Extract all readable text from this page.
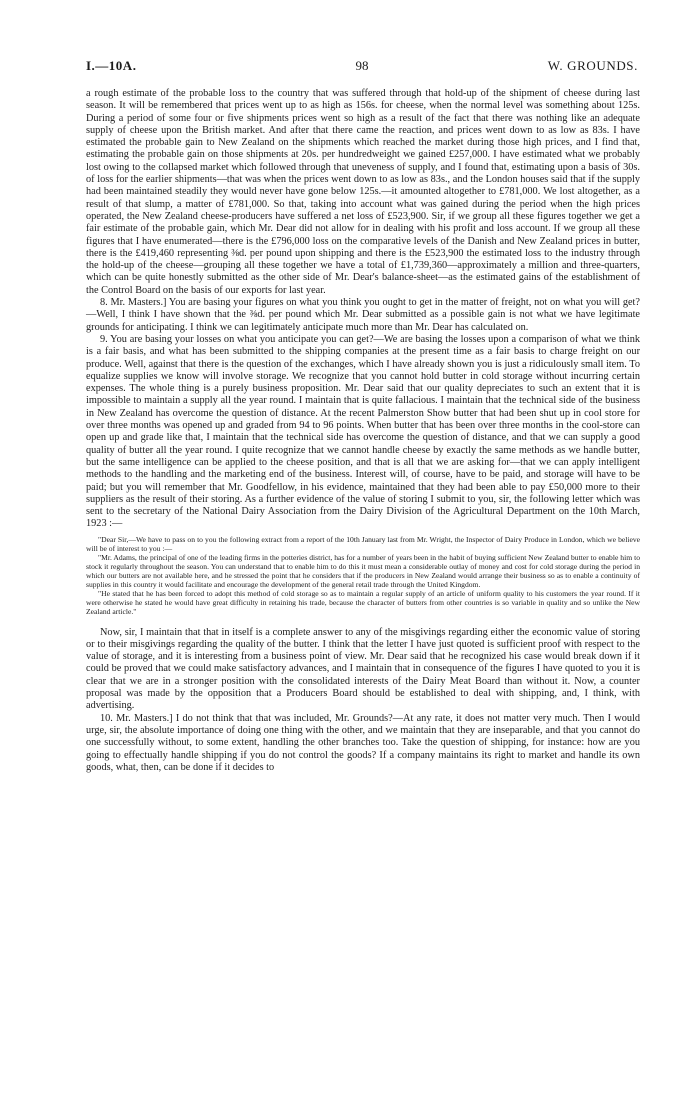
I.—10A.	98	W. GROUNDS.

a rough estimate of the probable loss to the country that was suffered through that hold-up of the shipment of cheese during last season. It will be remembered that prices went up to as high as 156s. for cheese, when the normal level was something about 125s. During a period of some four or five shipments prices went so high as a result of the fact that there was nothing like an adequate supply of cheese upon the British market. And after that there came the reaction, and prices went down to as low as 83s. I have estimated the probable gain to New Zealand on the shipments which reached the market during those high prices, and I find that, estimating the probable gain on those shipments at 20s. per hundredweight we gained £257,000. I have estimated what we probably lost owing to the collapsed market which followed through that uneveness of supply, and I found that, estimating upon a basis of 30s. of loss for the earlier shipments—that was when the prices went down to as low as 83s., and the London houses said that if the supply had been maintained steadily they would never have gone below 125s.—it amounted altogether to £781,000. We lost altogether, as a result of that slump, a matter of £781,000. So that, taking into account what was gained during the period when the high prices operated, the New Zealand cheese-producers have suffered a net loss of £523,900. Sir, if we group all these figures together we get a fair estimate of the probable gain, which Mr. Dear did not allow for in dealing with his profit and loss account. If we group all these figures that I have enumerated—there is the £796,000 loss on the comparative levels of the Danish and New Zealand prices in butter, there is the £419,460 representing ⅜d. per pound upon shipping and there is the £523,900 the estimated loss to the industry through the hold-up of the cheese—grouping all these together we have a total of £1,739,360—approximately a million and three-quarters, which can be quite honestly submitted as the other side of Mr. Dear's balance-sheet—as the estimated gains of the establishment of the Control Board on the basis of our exports for last year.

8. Mr. Masters.] You are basing your figures on what you think you ought to get in the matter of freight, not on what you will get?—Well, I think I have shown that the ⅜d. per pound which Mr. Dear submitted as a possible gain is not what we have legitimate grounds for anticipating. I think we can legitimately anticipate much more than Mr. Dear has calculated on.

9. You are basing your losses on what you anticipate you can get?—We are basing the losses upon a comparison of what we think is a fair basis, and what has been submitted to the shipping companies at the present time as a fair basis to charge freight on our produce. Well, against that there is the question of the exchanges, which I have already shown you is just a ridiculously small item. To equalize supplies we know will involve storage. We recognize that you cannot hold butter in cold storage without incurring certain expenses. The whole thing is a purely business proposition. Mr. Dear said that our quality depreciates to such an extent that it is impossible to maintain a supply all the year round. I maintain that is quite fallacious. I maintain that the technical side of the business in New Zealand has overcome the question of distance. At the recent Palmerston Show butter that had been shut up in cool store for over three months was opened up and graded from 94 to 96 points. When butter that has been over three months in the cool-store can open up and grade like that, I maintain that the technical side has overcome the question of distance, and that we can supply a good quality of butter all the year round. I quite recognize that we cannot handle cheese by exactly the same methods as we handle butter, but the same intelligence can be applied to the cheese position, and that is all that we are asking for—that we can apply intelligent methods to the handling and the marketing end of the business. Interest will, of course, have to be paid, and storage will have to be paid; but you will remember that Mr. Goodfellow, in his evidence, maintained that they had been able to pay £50,000 more to their suppliers as the result of their storing. As a further evidence of the value of storing I submit to you, sir, the following letter which was sent to the secretary of the National Dairy Association from the Dairy Division of the Agricultural Department on the 10th March, 1923 :—

"Dear Sir,—We have to pass on to you the following extract from a report of the 10th January last from Mr. Wright, the Inspector of Dairy Produce in London, which we believe will be of interest to you :—

"Mr. Adams, the principal of one of the leading firms in the potteries district, has for a number of years been in the habit of buying sufficient New Zealand butter to enable him to stock it regularly throughout the season. You can understand that to enable him to do this it must mean a considerable outlay of money and cost for cold storage during the period in which our butters are not available here, and he stressed the point that he considers that if the producers in New Zealand would arrange their business so as to enable a continuity of supplies in this country it would facilitate and encourage the development of the general retail trade through the United Kingdom.

"He stated that he has been forced to adopt this method of cold storage so as to maintain a regular supply of an article of uniform quality to his customers the year round. If it were otherwise he stated he would have great difficulty in retaining his trade, because the character of butters from other countries is so variable in quality and so unlike the New Zealand article."

Now, sir, I maintain that that in itself is a complete answer to any of the misgivings regarding either the economic value of storing or to their misgivings regarding the quality of the butter. I think that the letter I have just quoted is sufficient proof with respect to the value of storage, and it is interesting from a business point of view. Mr. Dear said that he recognized his case would break down if it could be proved that we could make satisfactory advances, and I maintain that in consequence of the figures I have quoted to you it is clear that we are in a stronger position with the consolidated interests of the Dairy Meat Board than without it. Now, a counter proposal was made by the opposition that a Producers Board should be established to deal with shipping, and, I think, with advertising.

10. Mr. Masters.] I do not think that that was included, Mr. Grounds?—At any rate, it does not matter very much. Then I would urge, sir, the absolute importance of doing one thing with the other, and we maintain that they are inseparable, and that you cannot do one successfully without, to some extent, handling the other branches too. Take the question of shipping, for instance: how are you going to effectually handle shipping if you do not control the goods? If a company maintains its right to market and handle its own goods, what, then, can be done if it decides to
